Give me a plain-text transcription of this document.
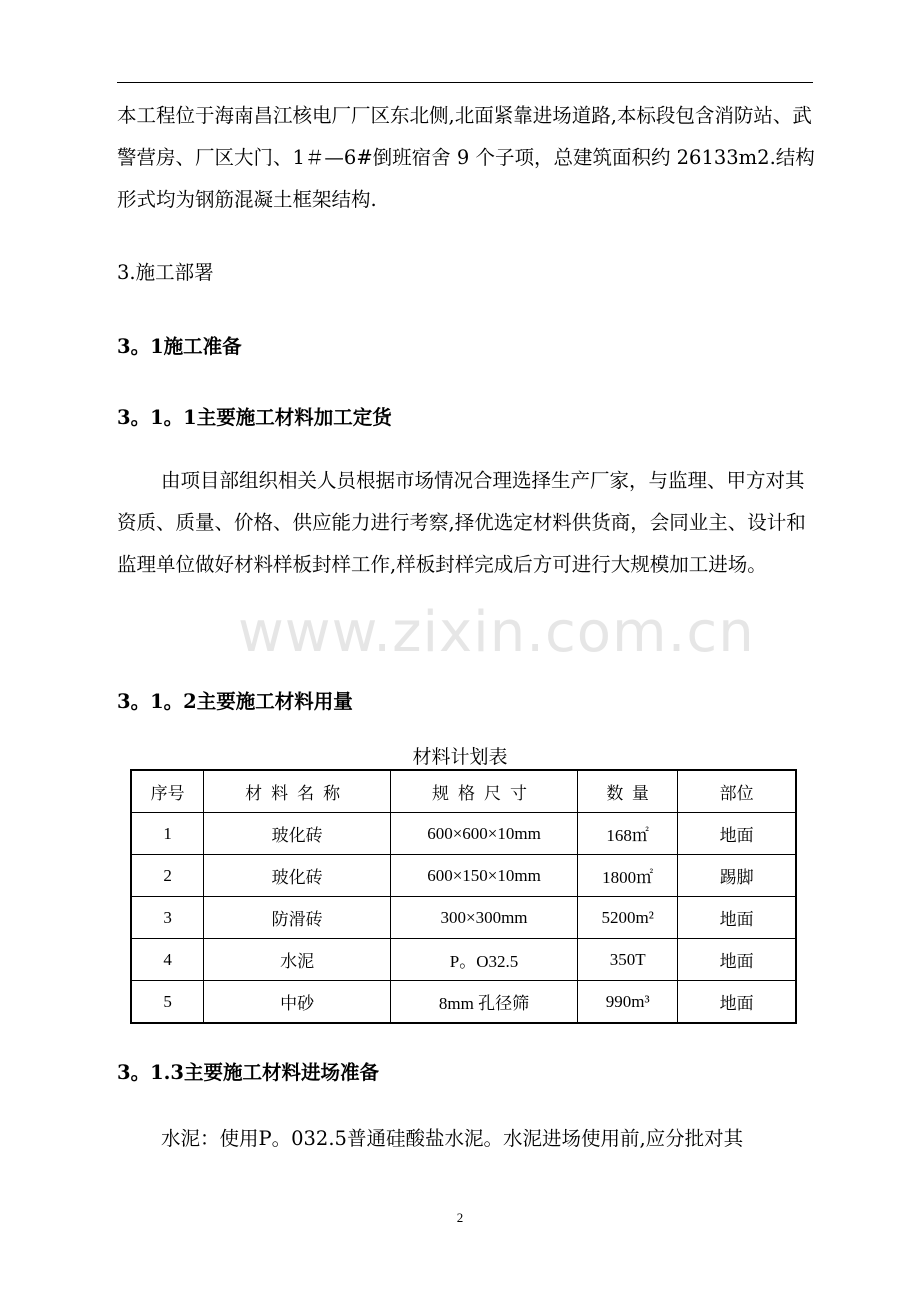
本工程位于海南昌江核电厂厂区东北侧,北面紧靠进场道路,本标段包含消防站、武警营房、厂区大门、1＃—6#倒班宿舍 9 个子项，总建筑面积约 26133m2.结构形式均为钢筋混凝土框架结构.

3.施工部署
3。1施工准备
3。1。1主要施工材料加工定货

由项目部组织相关人员根据市场情况合理选择生产厂家，与监理、甲方对其资质、质量、价格、供应能力进行考察,择优选定材料供货商，会同业主、设计和监理单位做好材料样板封样工作,样板封样完成后方可进行大规模加工进场。

www.zixin.com.cn
3。1。2主要施工材料用量
材料计划表
序号	材料名称	规格尺寸	数  量	部位
1	玻化砖	600×600×10mm	168㎡	地面
2	玻化砖	600×150×10mm	1800㎡	踢脚
3	防滑砖	300×300mm	5200m²	地面
4	水泥	P。O32.5	350T	地面
5	中砂	8mm 孔径筛	990m³	地面
3。1.3主要施工材料进场准备

水泥：使用P。032.5普通硅酸盐水泥。水泥进场使用前,应分批对其

2
